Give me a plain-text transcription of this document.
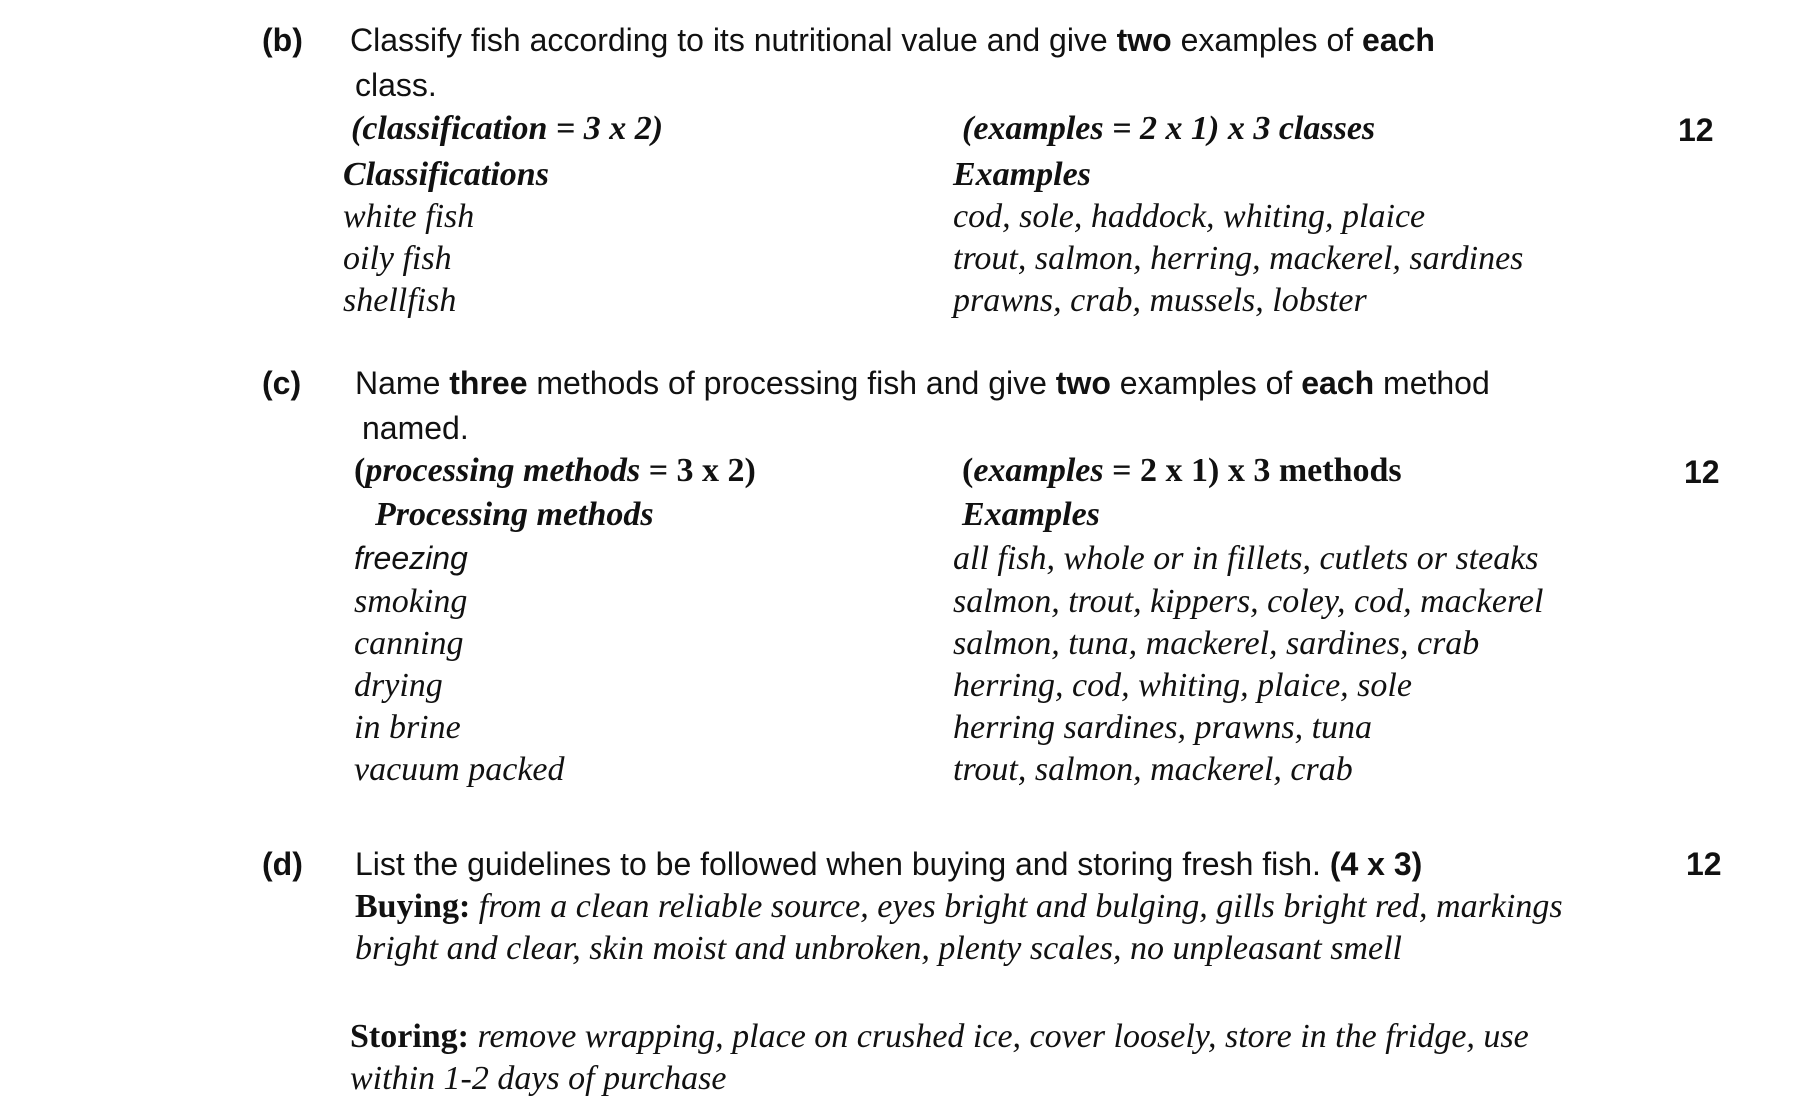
(b) Classify fish according to its nutritional value and give two examples of each
class.
(classification = 3 x 2)	(examples = 2 x 1) x 3 classes	12
Classifications	Examples
white fish	cod, sole, haddock, whiting, plaice
oily fish	trout, salmon, herring, mackerel, sardines
shellfish	prawns, crab, mussels, lobster
(c) Name three methods of processing fish and give two examples of each method
named.
(processing methods = 3 x 2)	(examples = 2 x 1) x 3 methods	12
Processing methods	Examples
freezing	all fish, whole or in fillets, cutlets or steaks
smoking	salmon, trout, kippers, coley, cod, mackerel
canning	salmon, tuna, mackerel, sardines, crab
drying	herring, cod, whiting, plaice, sole
in brine	herring sardines, prawns, tuna
vacuum packed	trout, salmon, mackerel, crab
(d) List the guidelines to be followed when buying and storing fresh fish. (4 x 3)	12
Buying: from a clean reliable source, eyes bright and bulging, gills bright red, markings
bright and clear, skin moist and unbroken, plenty scales, no unpleasant smell
Storing: remove wrapping, place on crushed ice, cover loosely, store in the fridge, use
within 1-2 days of purchase
